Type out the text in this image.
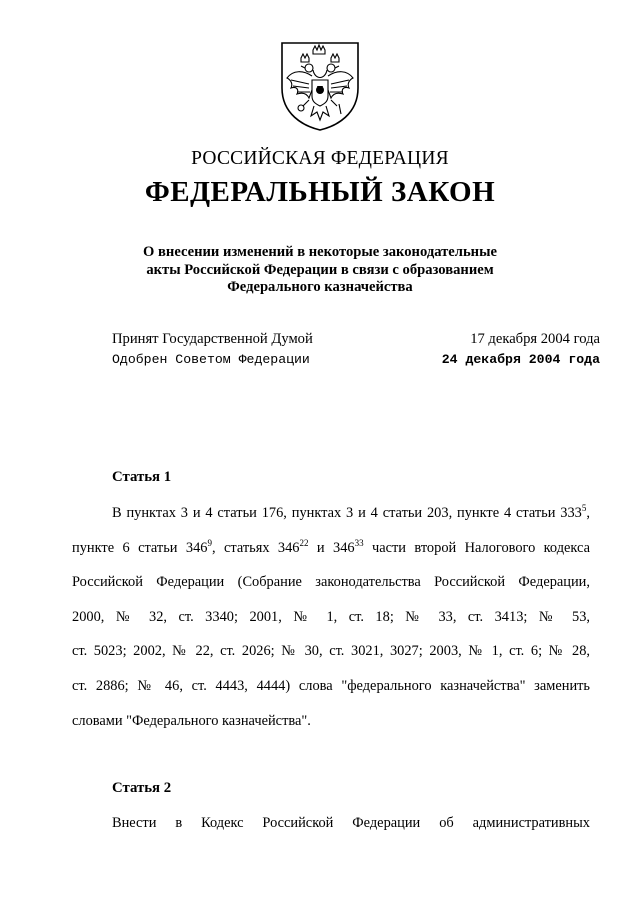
РОССИЙСКАЯ ФЕДЕРАЦИЯ
ФЕДЕРАЛЬНЫЙ ЗАКОН
О внесении изменений в некоторые законодательные
акты Российской Федерации в связи с образованием
Федерального казначейства
Принят Государственной Думой	17 декабря 2004 года
Одобрен Советом Федерации	24 декабря 2004 года
Статья 1
В пунктах 3 и 4 статьи 176, пунктах 3 и 4 статьи 203, пункте 4 статьи $333^5$,
пункте 6 статьи $346^9$, статьях $346^{22}$ и $346^{33}$ части второй Налогового кодекса
Российской Федерации (Собрание законодательства Российской Федерации,
2000, № 32, ст. 3340; 2001, № 1, ст. 18; № 33, ст. 3413; № 53,
ст. 5023; 2002, № 22, ст. 2026; № 30, ст. 3021, 3027; 2003, № 1, ст. 6; № 28,
ст. 2886; № 46, ст. 4443, 4444) слова "федерального казначейства" заменить
словами "Федерального казначейства".
Статья 2
Внести в Кодекс Российской Федерации об административных
